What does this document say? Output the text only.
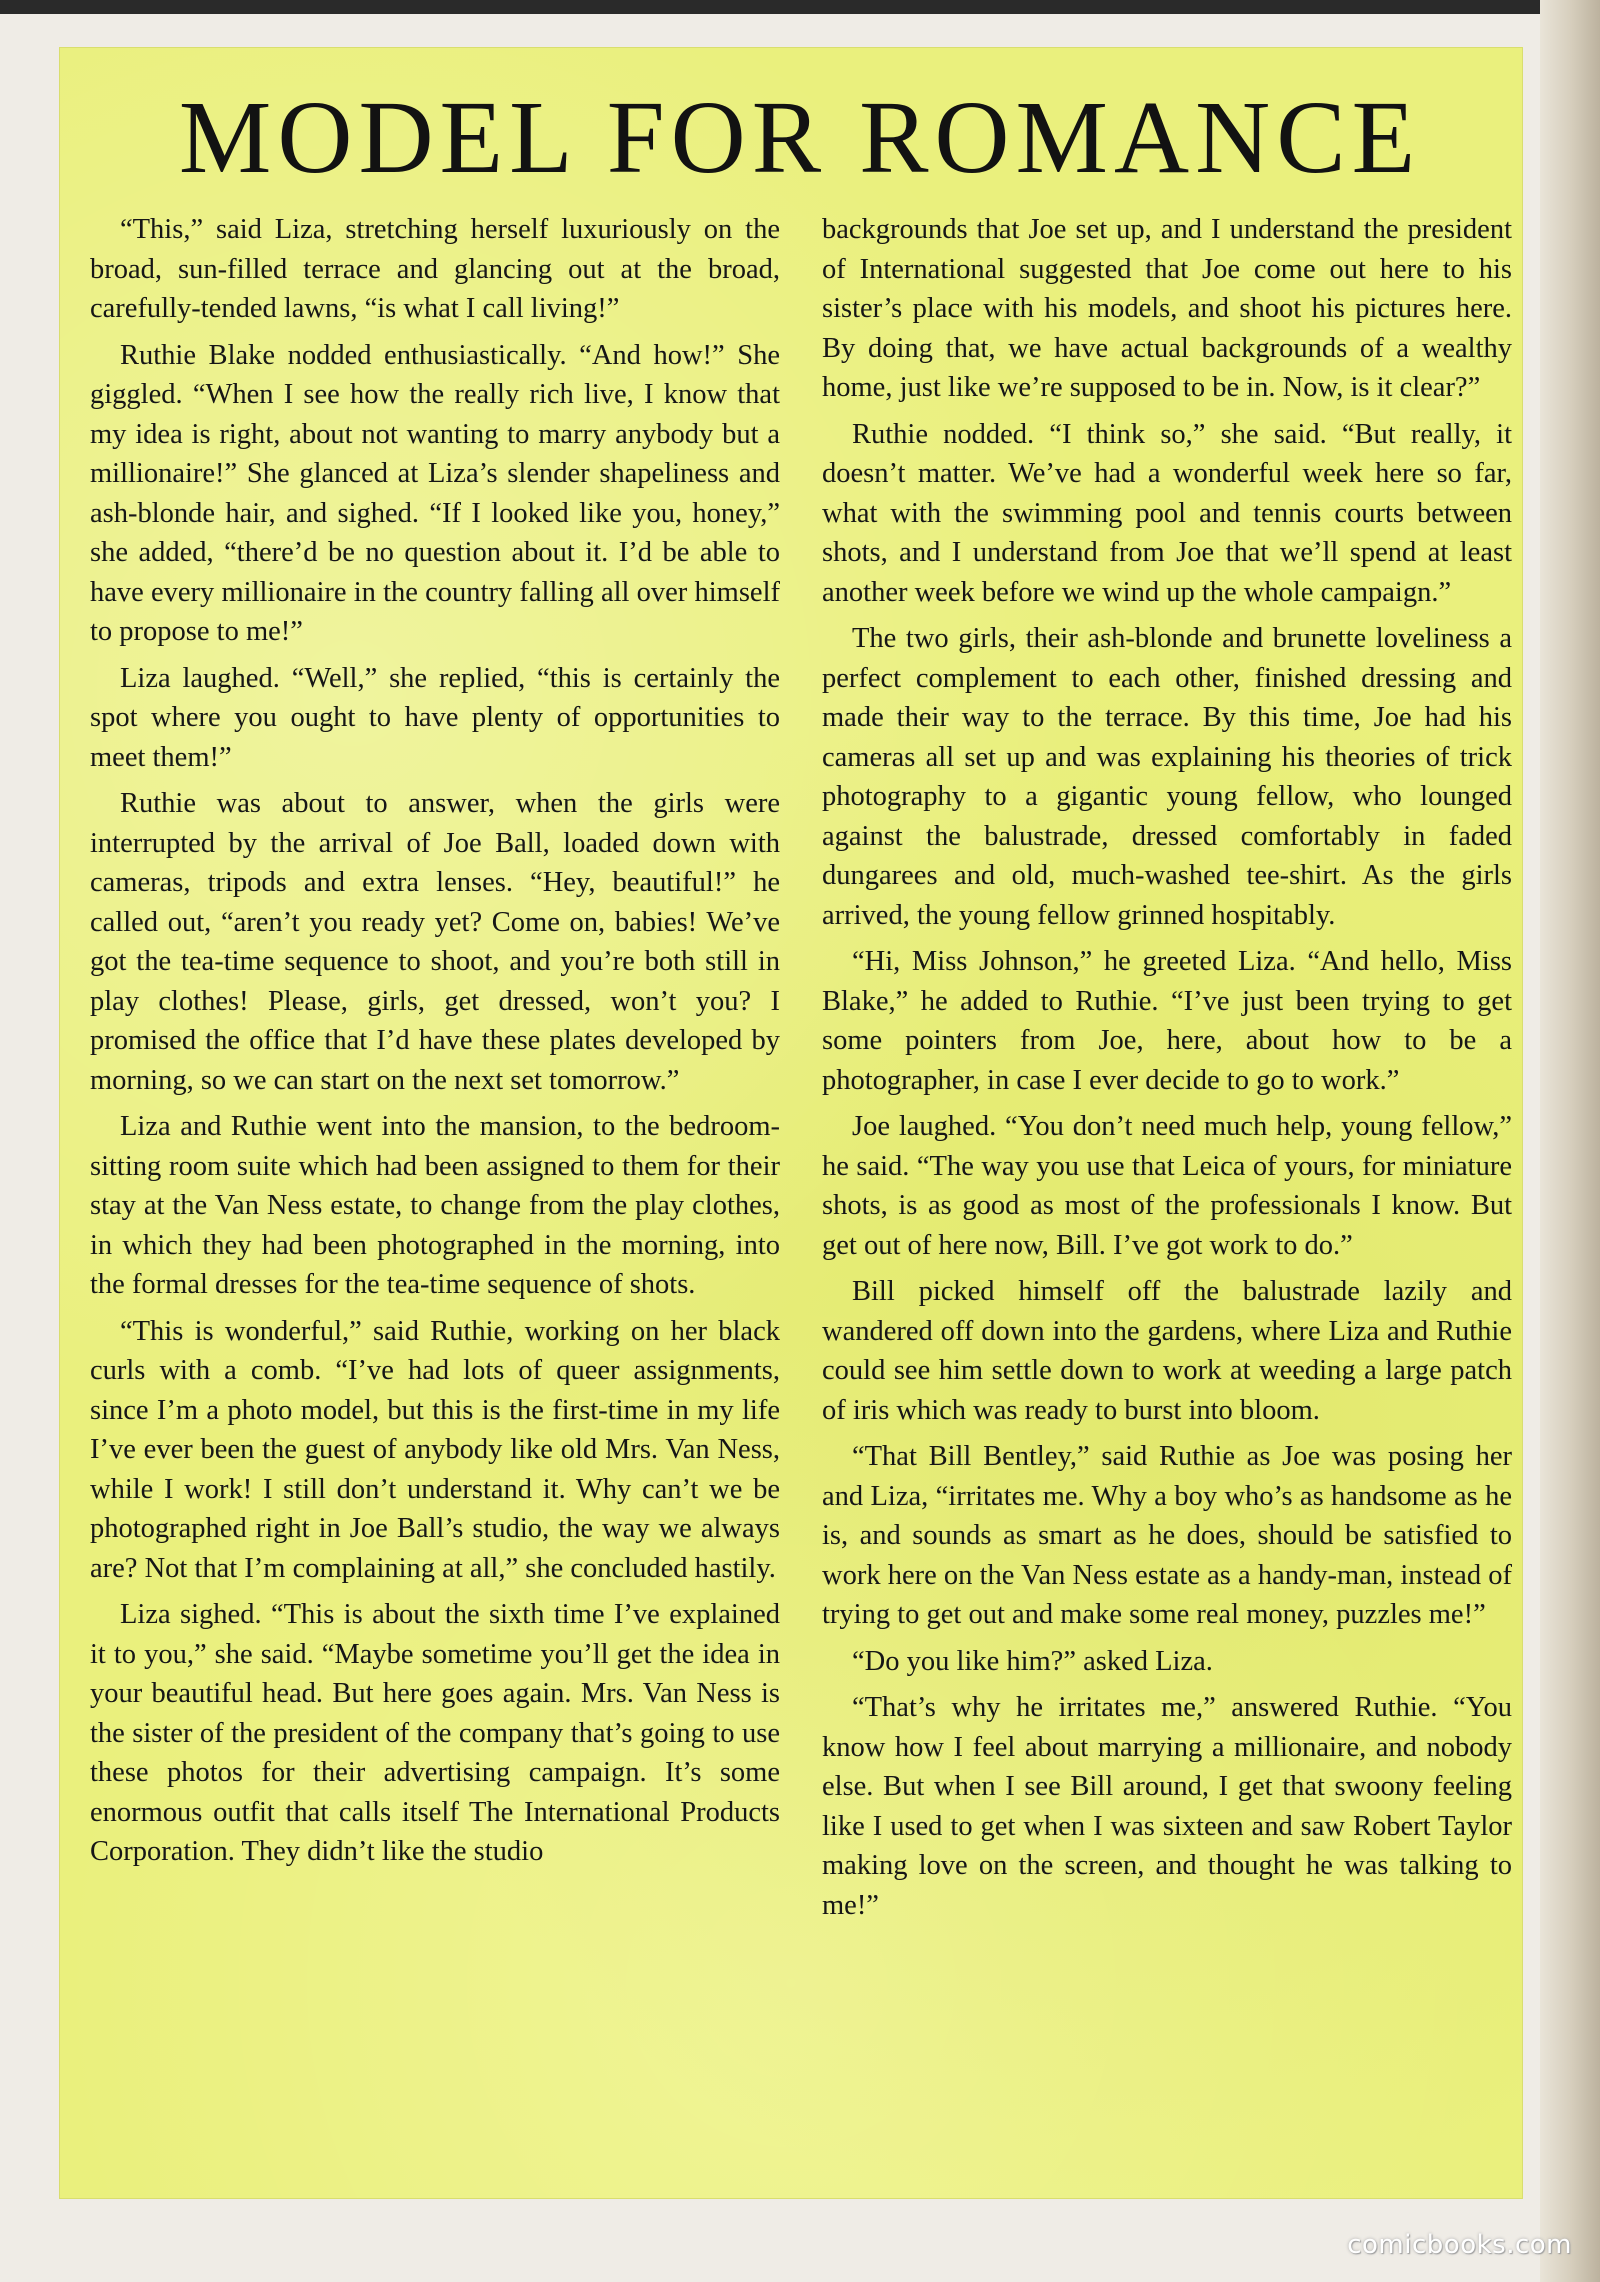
MODEL FOR ROMANCE

“This,” said Liza, stretching herself luxuriously on the broad, sun-filled terrace and glancing out at the broad, carefully-tended lawns, “is what I call living!”

Ruthie Blake nodded enthusiastically. “And how!” She giggled. “When I see how the really rich live, I know that my idea is right, about not wanting to marry anybody but a millionaire!” She glanced at Liza’s slender shapeliness and ash-blonde hair, and sighed. “If I looked like you, honey,” she added, “there’d be no question about it. I’d be able to have every millionaire in the country falling all over himself to propose to me!”

Liza laughed. “Well,” she replied, “this is certainly the spot where you ought to have plenty of opportunities to meet them!”

Ruthie was about to answer, when the girls were interrupted by the arrival of Joe Ball, loaded down with cameras, tripods and extra lenses. “Hey, beautiful!” he called out, “aren’t you ready yet? Come on, babies! We’ve got the tea-time sequence to shoot, and you’re both still in play clothes! Please, girls, get dressed, won’t you? I promised the office that I’d have these plates developed by morning, so we can start on the next set tomorrow.”

Liza and Ruthie went into the mansion, to the bedroom-sitting room suite which had been assigned to them for their stay at the Van Ness estate, to change from the play clothes, in which they had been photographed in the morning, into the formal dresses for the tea-time sequence of shots.

“This is wonderful,” said Ruthie, working on her black curls with a comb. “I’ve had lots of queer assignments, since I’m a photo model, but this is the first-time in my life I’ve ever been the guest of anybody like old Mrs. Van Ness, while I work! I still don’t understand it. Why can’t we be photographed right in Joe Ball’s studio, the way we always are? Not that I’m complaining at all,” she concluded hastily.

Liza sighed. “This is about the sixth time I’ve explained it to you,” she said. “Maybe sometime you’ll get the idea in your beautiful head. But here goes again. Mrs. Van Ness is the sister of the president of the company that’s going to use these photos for their advertising campaign. It’s some enormous outfit that calls itself The International Products Corporation. They didn’t like the studio

backgrounds that Joe set up, and I understand the president of International suggested that Joe come out here to his sister’s place with his models, and shoot his pictures here. By doing that, we have actual backgrounds of a wealthy home, just like we’re supposed to be in. Now, is it clear?”

Ruthie nodded. “I think so,” she said. “But really, it doesn’t matter. We’ve had a wonderful week here so far, what with the swimming pool and tennis courts between shots, and I understand from Joe that we’ll spend at least another week before we wind up the whole campaign.”

The two girls, their ash-blonde and brunette loveliness a perfect complement to each other, finished dressing and made their way to the terrace. By this time, Joe had his cameras all set up and was explaining his theories of trick photography to a gigantic young fellow, who lounged against the balustrade, dressed comfortably in faded dungarees and old, much-washed tee-shirt. As the girls arrived, the young fellow grinned hospitably.

“Hi, Miss Johnson,” he greeted Liza. “And hello, Miss Blake,” he added to Ruthie. “I’ve just been trying to get some pointers from Joe, here, about how to be a photographer, in case I ever decide to go to work.”

Joe laughed. “You don’t need much help, young fellow,” he said. “The way you use that Leica of yours, for miniature shots, is as good as most of the professionals I know. But get out of here now, Bill. I’ve got work to do.”

Bill picked himself off the balustrade lazily and wandered off down into the gardens, where Liza and Ruthie could see him settle down to work at weeding a large patch of iris which was ready to burst into bloom.

“That Bill Bentley,” said Ruthie as Joe was posing her and Liza, “irritates me. Why a boy who’s as handsome as he is, and sounds as smart as he does, should be satisfied to work here on the Van Ness estate as a handy-man, instead of trying to get out and make some real money, puzzles me!”

“Do you like him?” asked Liza.

“That’s why he irritates me,” answered Ruthie. “You know how I feel about marrying a millionaire, and nobody else. But when I see Bill around, I get that swoony feeling like I used to get when I was sixteen and saw Robert Taylor making love on the screen, and thought he was talking to me!”

comicbooks.com
